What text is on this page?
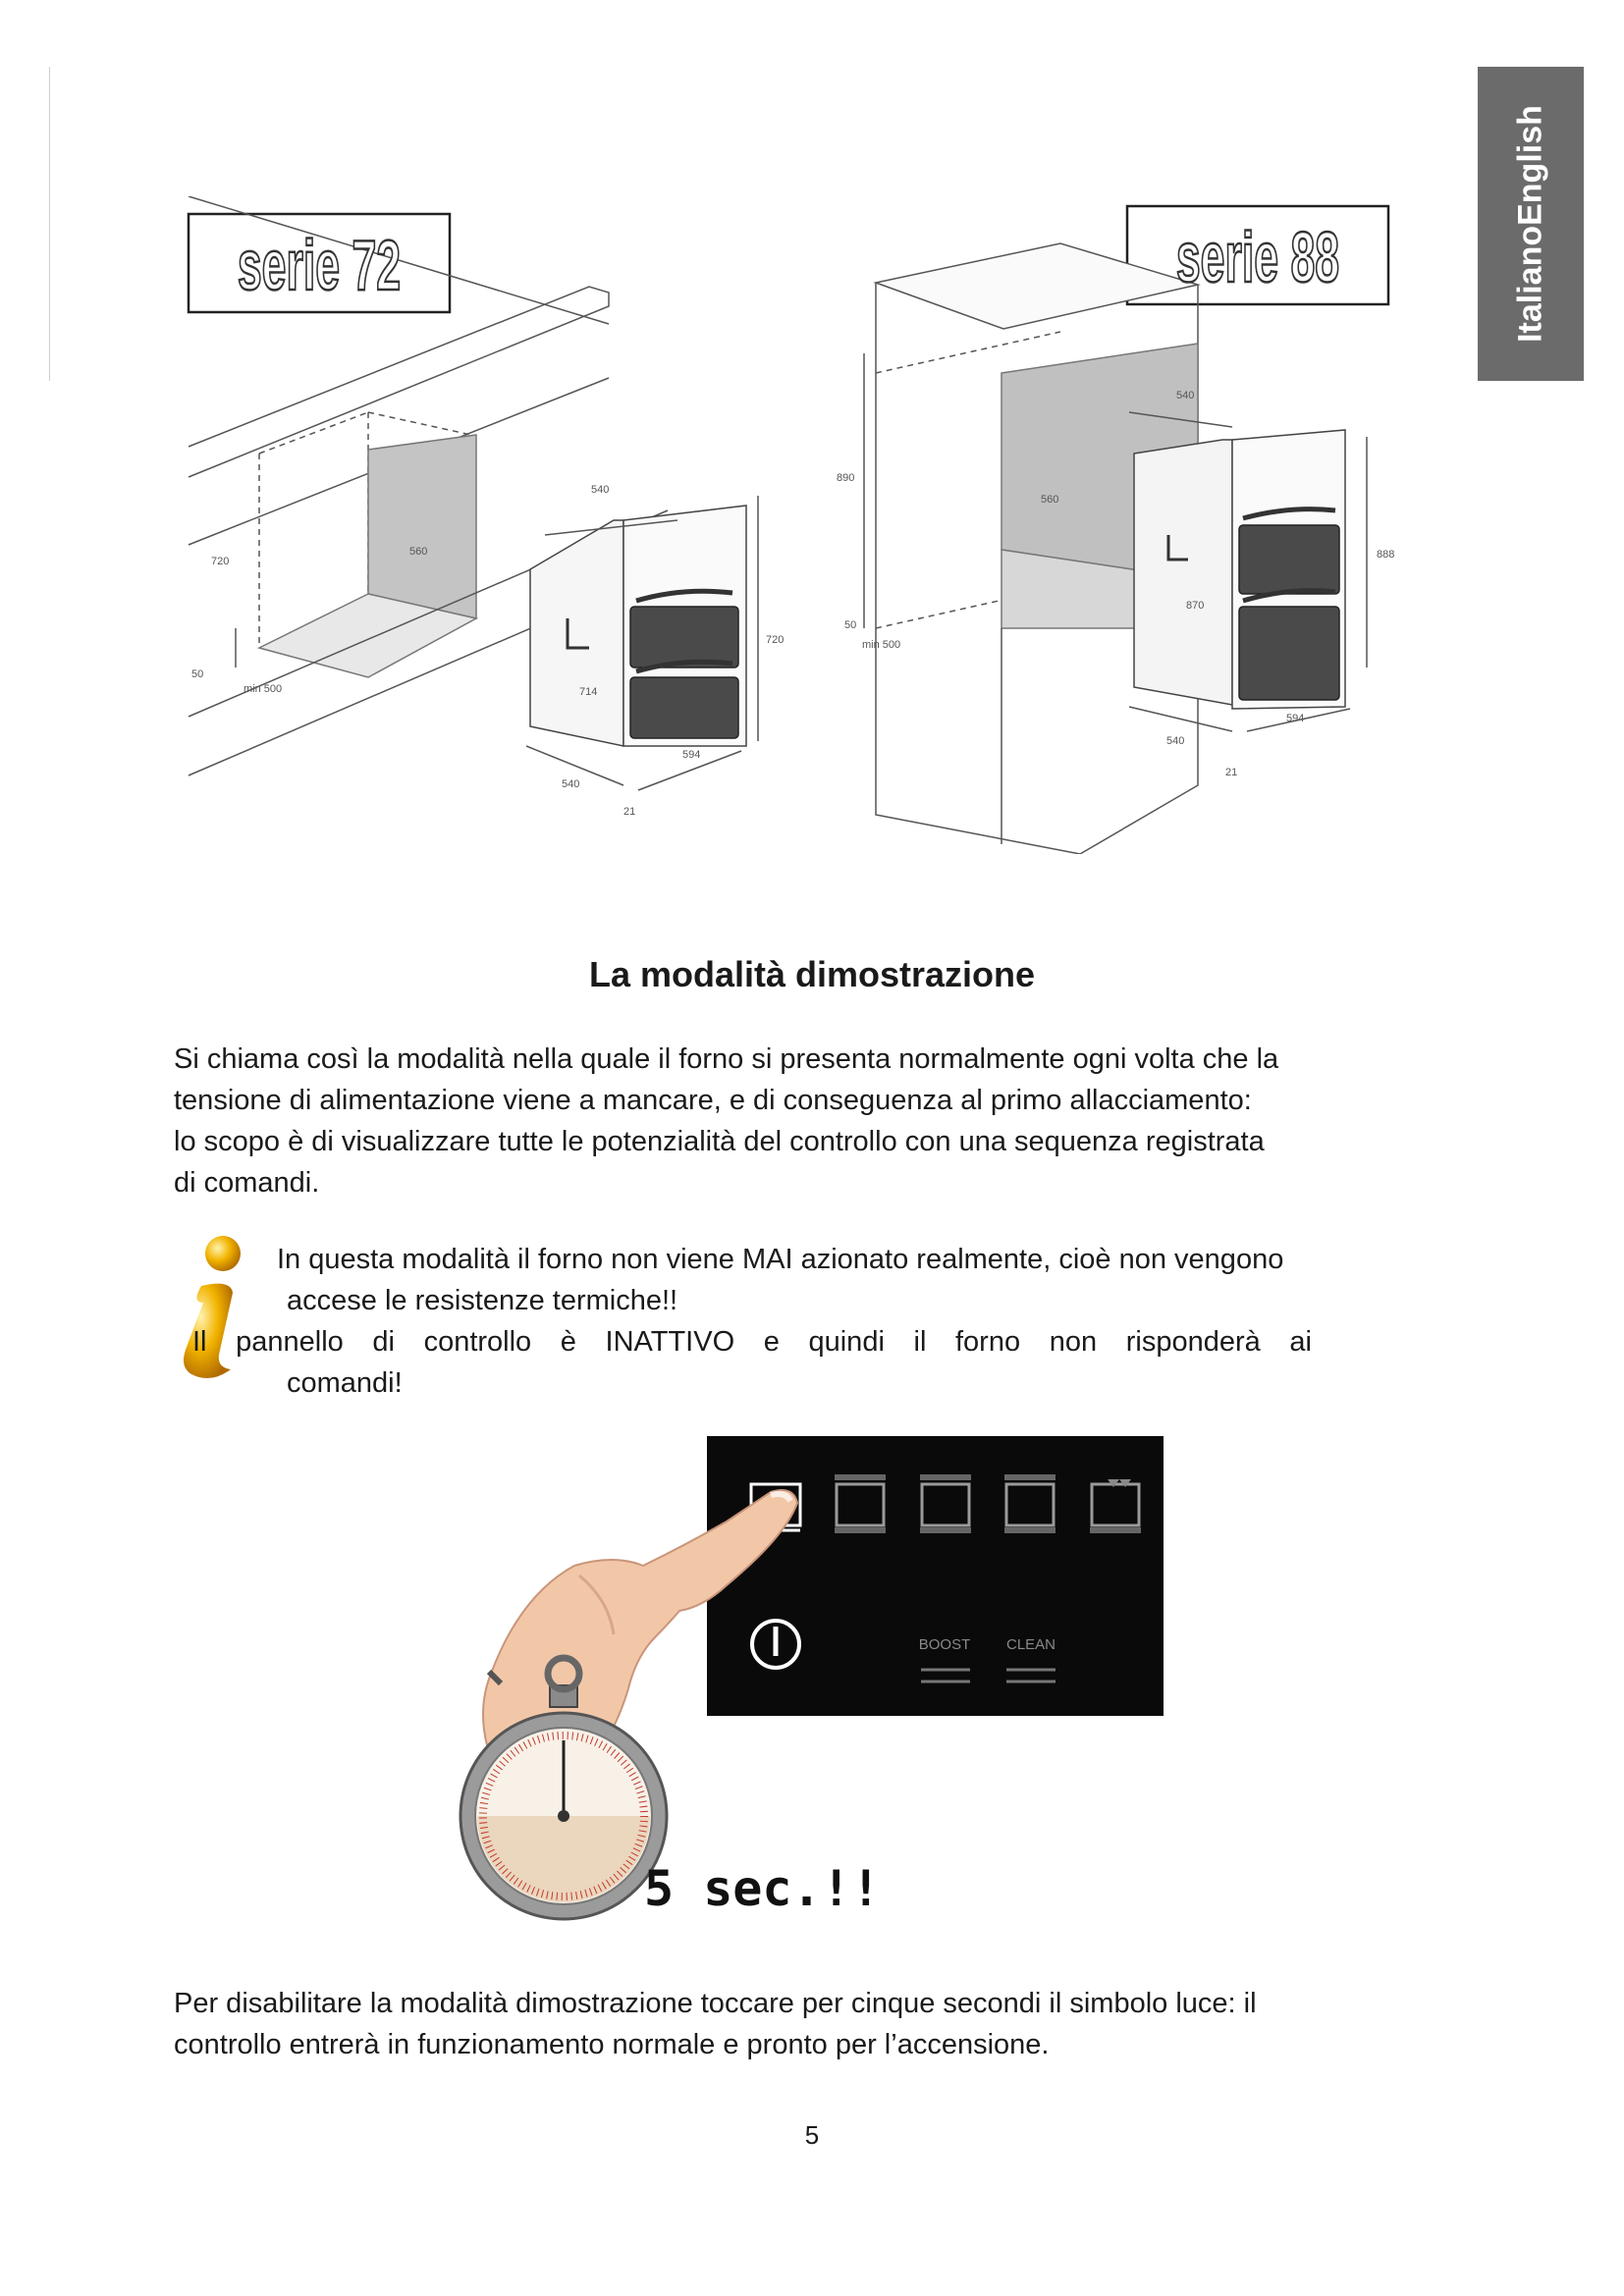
ItalianoEnglish
720
560
540
50
min 500
720
714
594
540
21
890
560
50
min 500
540
888
870
594
540
21
serie 72	serie 88
La modalità dimostrazione
Si chiama così la modalità nella quale il forno si presenta normalmente ogni volta che la
tensione di alimentazione viene a mancare, e di conseguenza al primo allacciamento:
lo scopo è di visualizzare tutte le potenzialità del controllo con una sequenza registrata
di comandi.
In questa modalità il forno non viene MAI azionato realmente, cioè non vengono
accese le resistenze termiche!!
Il pannello di controllo è INATTIVO e quindi il forno non risponderà ai
comandi!
BOOST CLEAN
5 sec.!!
Per disabilitare la modalità dimostrazione toccare per cinque secondi il simbolo luce: il
controllo entrerà in funzionamento normale e pronto per l’accensione.
5
